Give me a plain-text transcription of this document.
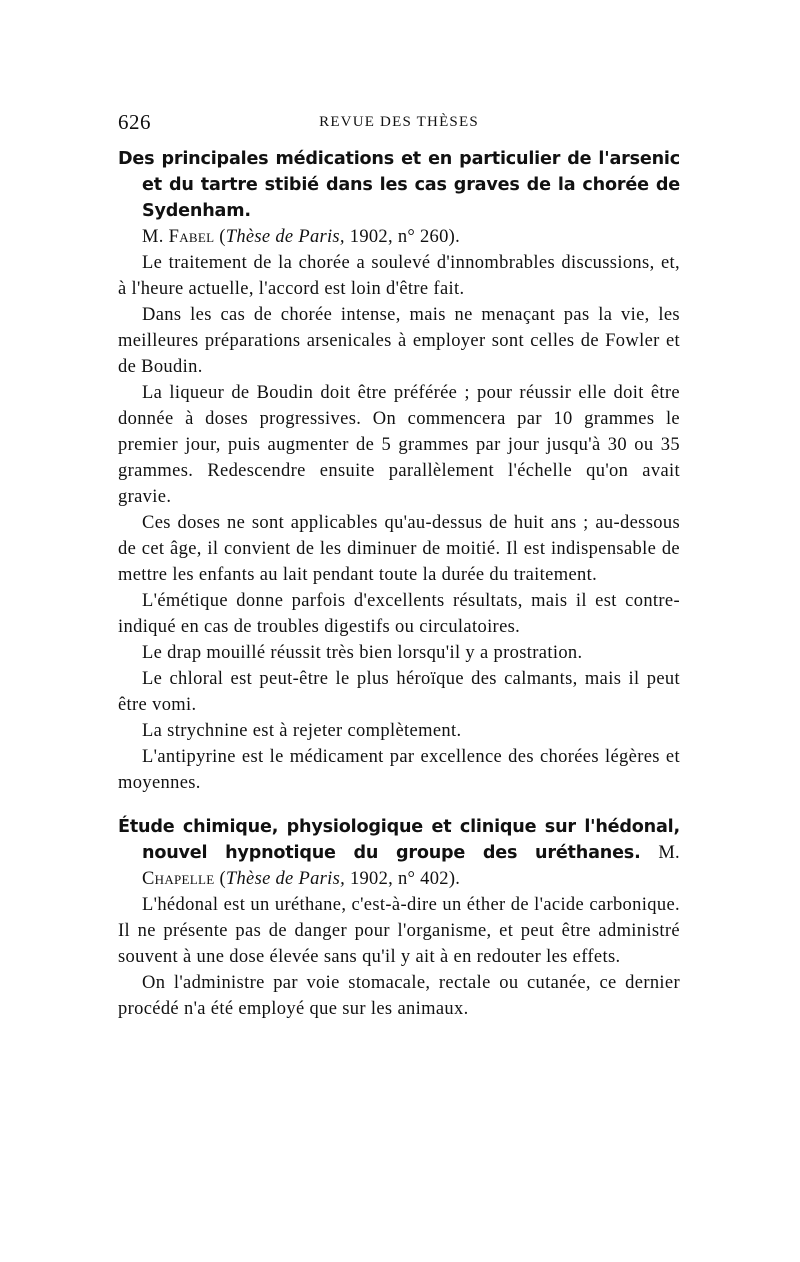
626	REVUE DES THÈSES

Des principales médications et en particulier de l'arsenic et du tartre stibié dans les cas graves de la chorée de Sydenham.
M. Fabel (Thèse de Paris, 1902, n° 260).

Le traitement de la chorée a soulevé d'innombrables discussions, et, à l'heure actuelle, l'accord est loin d'être fait.

Dans les cas de chorée intense, mais ne menaçant pas la vie, les meilleures préparations arsenicales à employer sont celles de Fowler et de Boudin.

La liqueur de Boudin doit être préférée ; pour réussir elle doit être donnée à doses progressives. On commencera par 10 grammes le premier jour, puis augmenter de 5 grammes par jour jusqu'à 30 ou 35 grammes. Redescendre ensuite parallèlement l'échelle qu'on avait gravie.

Ces doses ne sont applicables qu'au-dessus de huit ans ; au-dessous de cet âge, il convient de les diminuer de moitié. Il est indispensable de mettre les enfants au lait pendant toute la durée du traitement.

L'émétique donne parfois d'excellents résultats, mais il est contre-indiqué en cas de troubles digestifs ou circulatoires.

Le drap mouillé réussit très bien lorsqu'il y a prostration.

Le chloral est peut-être le plus héroïque des calmants, mais il peut être vomi.

La strychnine est à rejeter complètement.

L'antipyrine est le médicament par excellence des chorées légères et moyennes.

Étude chimique, physiologique et clinique sur l'hédonal, nouvel hypnotique du groupe des uréthanes. M. Chapelle (Thèse de Paris, 1902, n° 402).

L'hédonal est un uréthane, c'est-à-dire un éther de l'acide carbonique. Il ne présente pas de danger pour l'organisme, et peut être administré souvent à une dose élevée sans qu'il y ait à en redouter les effets.

On l'administre par voie stomacale, rectale ou cutanée, ce dernier procédé n'a été employé que sur les animaux.
